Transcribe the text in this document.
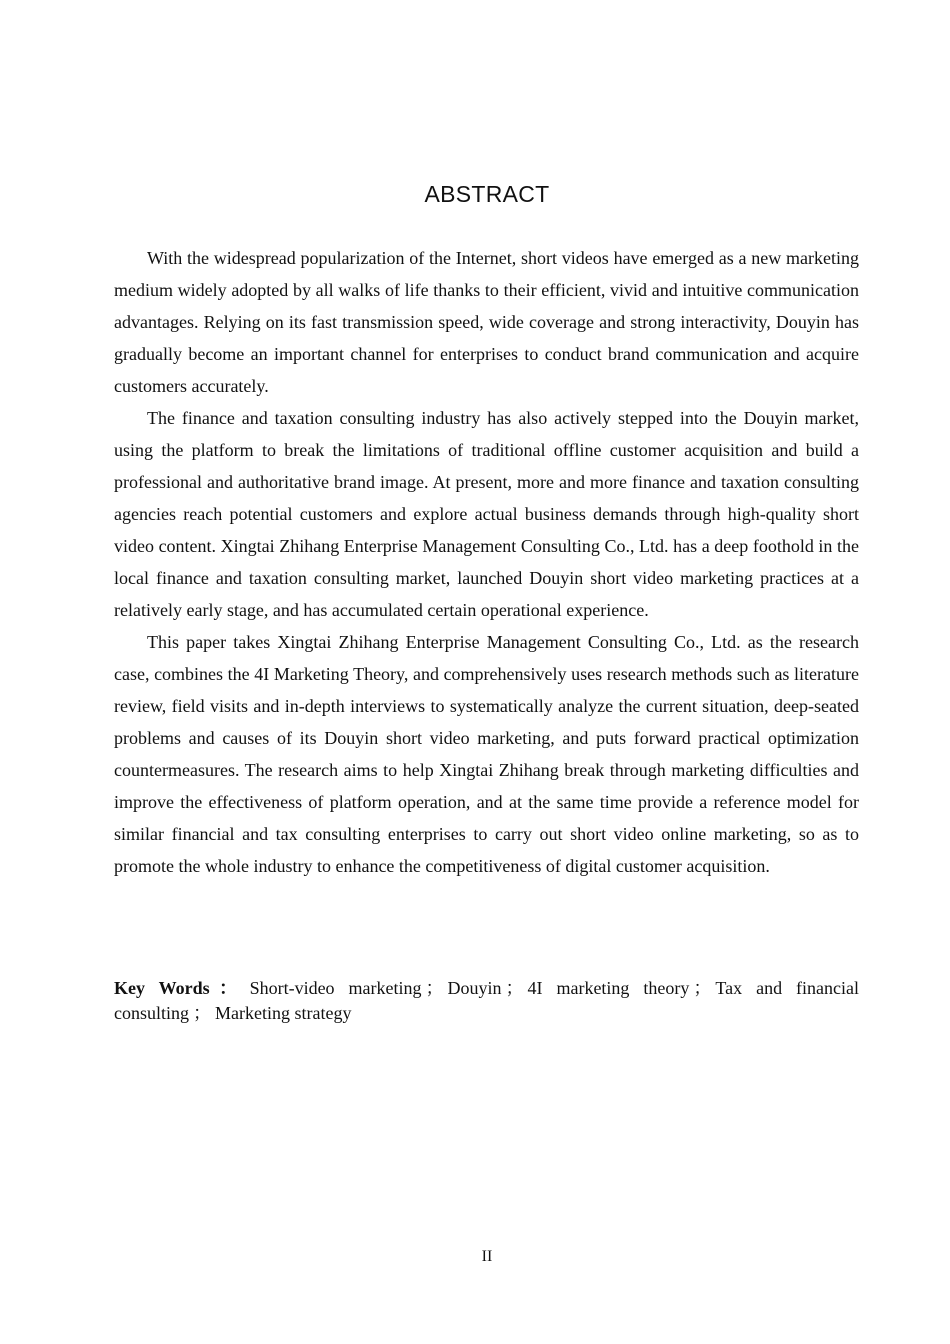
ABSTRACT

With the widespread popularization of the Internet, short videos have emerged as a new marketing medium widely adopted by all walks of life thanks to their efficient, vivid and intuitive communication advantages. Relying on its fast transmission speed, wide coverage and strong interactivity, Douyin has gradually become an important channel for enterprises to conduct brand communication and acquire customers accurately.

The finance and taxation consulting industry has also actively stepped into the Douyin market, using the platform to break the limitations of traditional offline customer acquisition and build a professional and authoritative brand image. At present, more and more finance and taxation consulting agencies reach potential customers and explore actual business demands through high-quality short video content. Xingtai Zhihang Enterprise Management Consulting Co., Ltd. has a deep foothold in the local finance and taxation consulting market, launched Douyin short video marketing practices at a relatively early stage, and has accumulated certain operational experience.

This paper takes Xingtai Zhihang Enterprise Management Consulting Co., Ltd. as the research case, combines the 4I Marketing Theory, and comprehensively uses research methods such as literature review, field visits and in-depth interviews to systematically analyze the current situation, deep-seated problems and causes of its Douyin short video marketing, and puts forward practical optimization countermeasures. The research aims to help Xingtai Zhihang break through marketing difficulties and improve the effectiveness of platform operation, and at the same time provide a reference model for similar financial and tax consulting enterprises to carry out short video online marketing, so as to promote the whole industry to enhance the competitiveness of digital customer acquisition.

Key Words： Short-video marketing ； Douyin ； 4I marketing theory ； Tax and financial consulting ； Marketing strategy

II
